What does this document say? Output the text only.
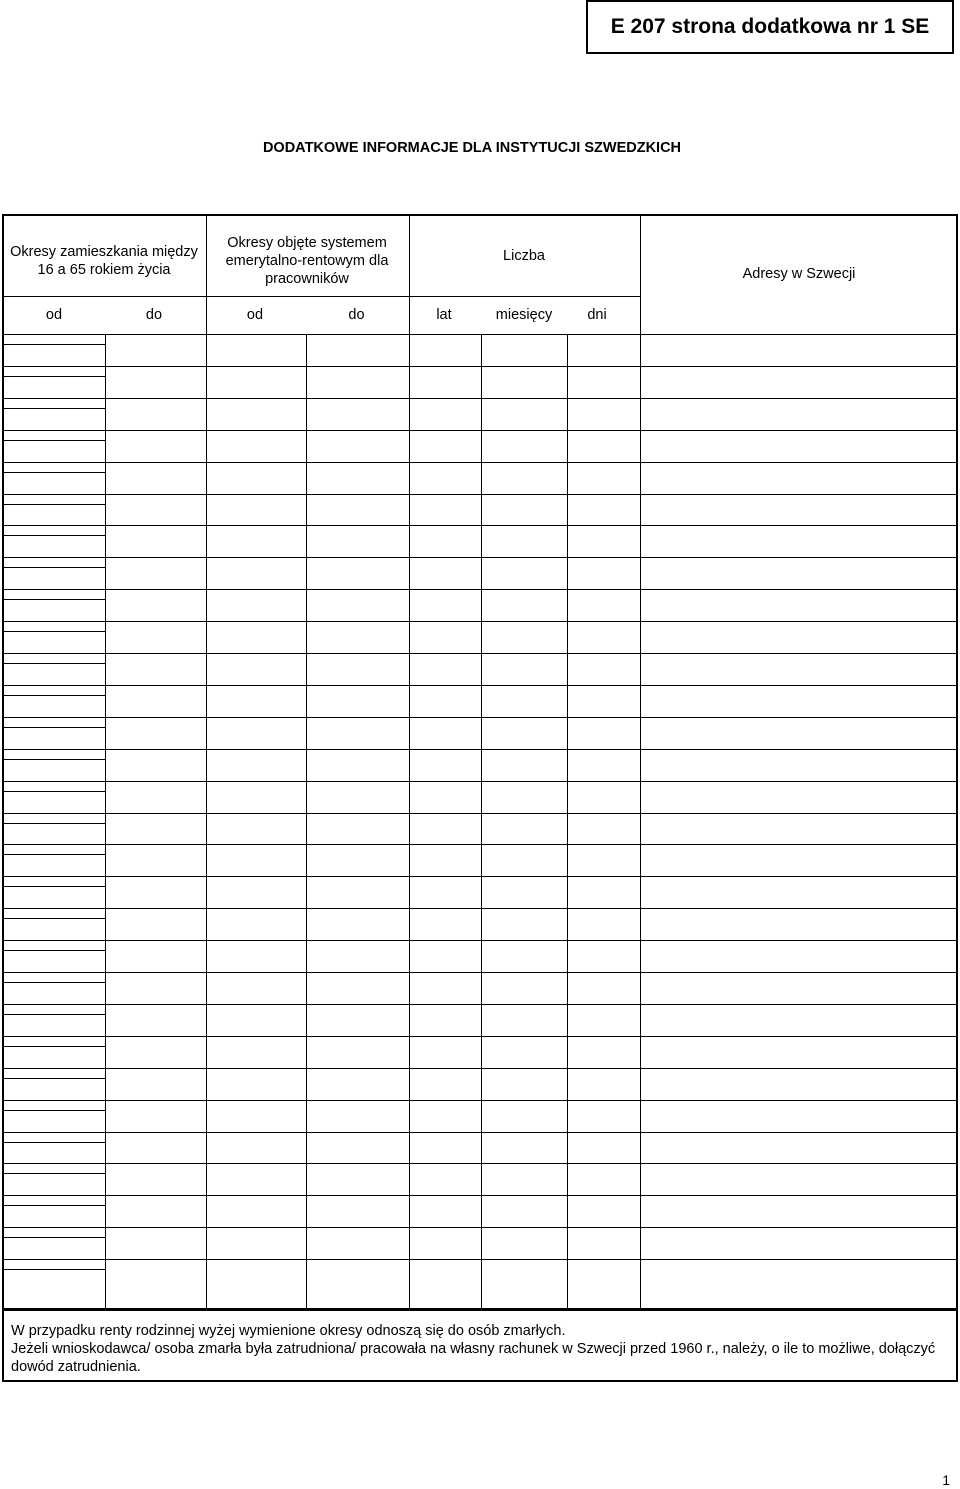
E 207 strona dodatkowa nr 1 SE
DODATKOWE INFORMACJE DLA INSTYTUCJI SZWEDZKICH
Okresy zamieszkania między 16 a 65 rokiem życia
Okresy objęte systemem emerytalno-rentowym dla pracowników
Liczba
Adresy w Szwecji
od	do	od	do	lat	miesięcy	dni
W przypadku renty rodzinnej wyżej wymienione okresy odnoszą się do osób zmarłych.
Jeżeli wnioskodawca/ osoba zmarła była zatrudniona/ pracowała na własny rachunek w Szwecji przed 1960 r., należy, o ile to możliwe, dołączyć dowód zatrudnienia.
1
